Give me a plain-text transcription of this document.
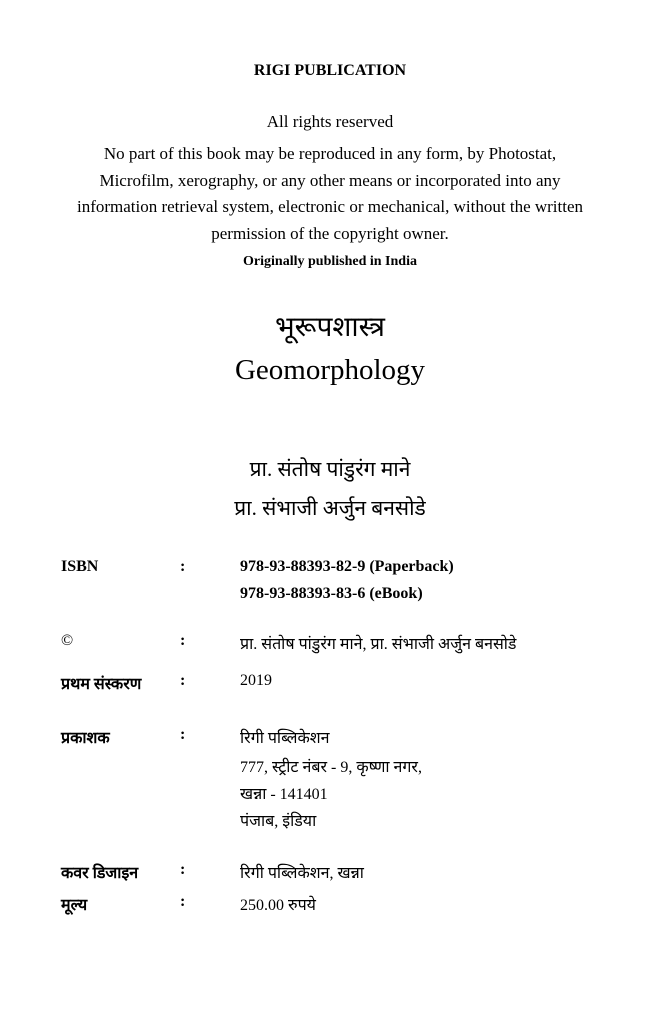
RIGI PUBLICATION
All rights reserved
No part of this book may be reproduced in any form, by Photostat,
Microfilm, xerography, or any other means or incorporated into any
information retrieval system, electronic or mechanical, without the written
permission of the copyright owner.
Originally published in India
भूरूपशास्त्र
Geomorphology
प्रा. संतोष पांडुरंग माने
प्रा. संभाजी अर्जुन बनसोडे
ISBN	:	978-93-88393-82-9 (Paperback)
978-93-88393-83-6 (eBook)
©	:	प्रा. संतोष पांडुरंग माने, प्रा. संभाजी अर्जुन बनसोडे
प्रथम संस्करण :	2019
प्रकाशक	:	रिगी पब्लिकेशन
777, स्ट्रीट नंबर - 9, कृष्णा नगर,
खन्ना - 141401
पंजाब, इंडिया
कवर डिजाइन	:	रिगी पब्लिकेशन, खन्ना
मूल्य	:	250.00 रुपये
